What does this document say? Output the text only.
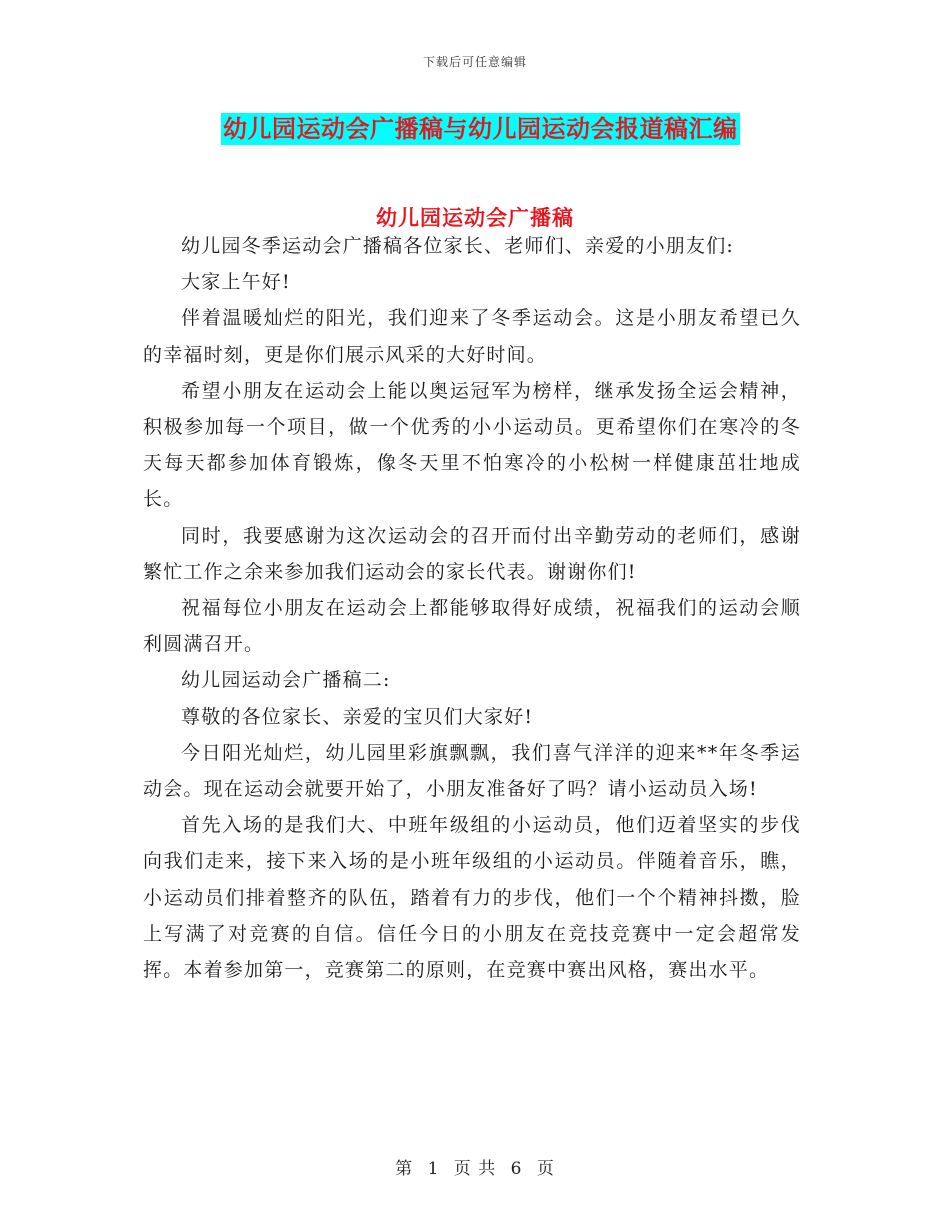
下载后可任意编辑
幼儿园运动会广播稿与幼儿园运动会报道稿汇编
幼儿园运动会广播稿

幼儿园冬季运动会广播稿各位家长、老师们、亲爱的小朋友们:

大家上午好!

伴着温暖灿烂的阳光，我们迎来了冬季运动会。这是小朋友希望已久的幸福时刻，更是你们展示风采的大好时间。

希望小朋友在运动会上能以奥运冠军为榜样，继承发扬全运会精神，积极参加每一个项目，做一个优秀的小小运动员。更希望你们在寒冷的冬天每天都参加体育锻炼，像冬天里不怕寒冷的小松树一样健康茁壮地成长。

同时，我要感谢为这次运动会的召开而付出辛勤劳动的老师们，感谢繁忙工作之余来参加我们运动会的家长代表。谢谢你们!

祝福每位小朋友在运动会上都能够取得好成绩，祝福我们的运动会顺利圆满召开。

幼儿园运动会广播稿二:

尊敬的各位家长、亲爱的宝贝们大家好!

今日阳光灿烂，幼儿园里彩旗飘飘，我们喜气洋洋的迎来**年冬季运动会。现在运动会就要开始了，小朋友准备好了吗？请小运动员入场!

首先入场的是我们大、中班年级组的小运动员，他们迈着坚实的步伐向我们走来，接下来入场的是小班年级组的小运动员。伴随着音乐，瞧，小运动员们排着整齐的队伍，踏着有力的步伐，他们一个个精神抖擞，脸上写满了对竞赛的自信。信任今日的小朋友在竞技竞赛中一定会超常发挥。本着参加第一，竞赛第二的原则，在竞赛中赛出风格，赛出水平。

第 1 页 共 6 页
